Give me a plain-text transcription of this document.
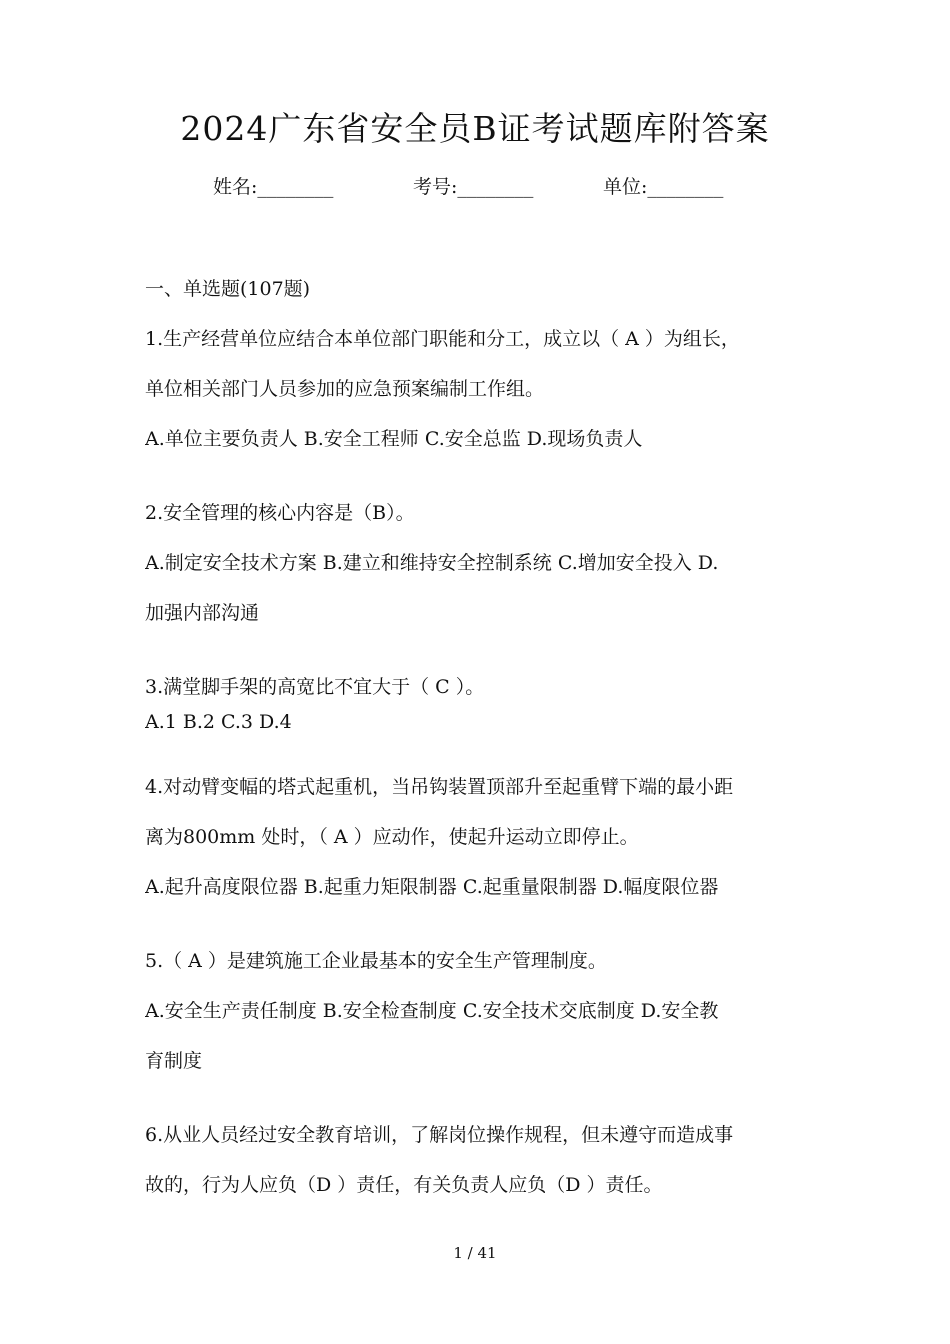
2024广东省安全员B证考试题库附答案
姓名:________	考号:________	单位:________
一、单选题(107题)
1.生产经营单位应结合本单位部门职能和分工，成立以（ A ）为组长，
单位相关部门人员参加的应急预案编制工作组。
A.单位主要负责人 B.安全工程师 C.安全总监 D.现场负责人
2.安全管理的核心内容是（B）。
A.制定安全技术方案 B.建立和维持安全控制系统 C.增加安全投入 D.
加强内部沟通
3.满堂脚手架的高宽比不宜大于（ C ）。
A.1 B.2 C.3 D.4
4.对动臂变幅的塔式起重机，当吊钩装置顶部升至起重臂下端的最小距
离为800mm 处时，（ A ）应动作，使起升运动立即停止。
A.起升高度限位器 B.起重力矩限制器 C.起重量限制器 D.幅度限位器
5.（ A ）是建筑施工企业最基本的安全生产管理制度。
A.安全生产责任制度 B.安全检查制度 C.安全技术交底制度 D.安全教
育制度
6.从业人员经过安全教育培训，了解岗位操作规程，但未遵守而造成事
故的，行为人应负（D ）责任，有关负责人应负（D ）责任。
1 / 41
